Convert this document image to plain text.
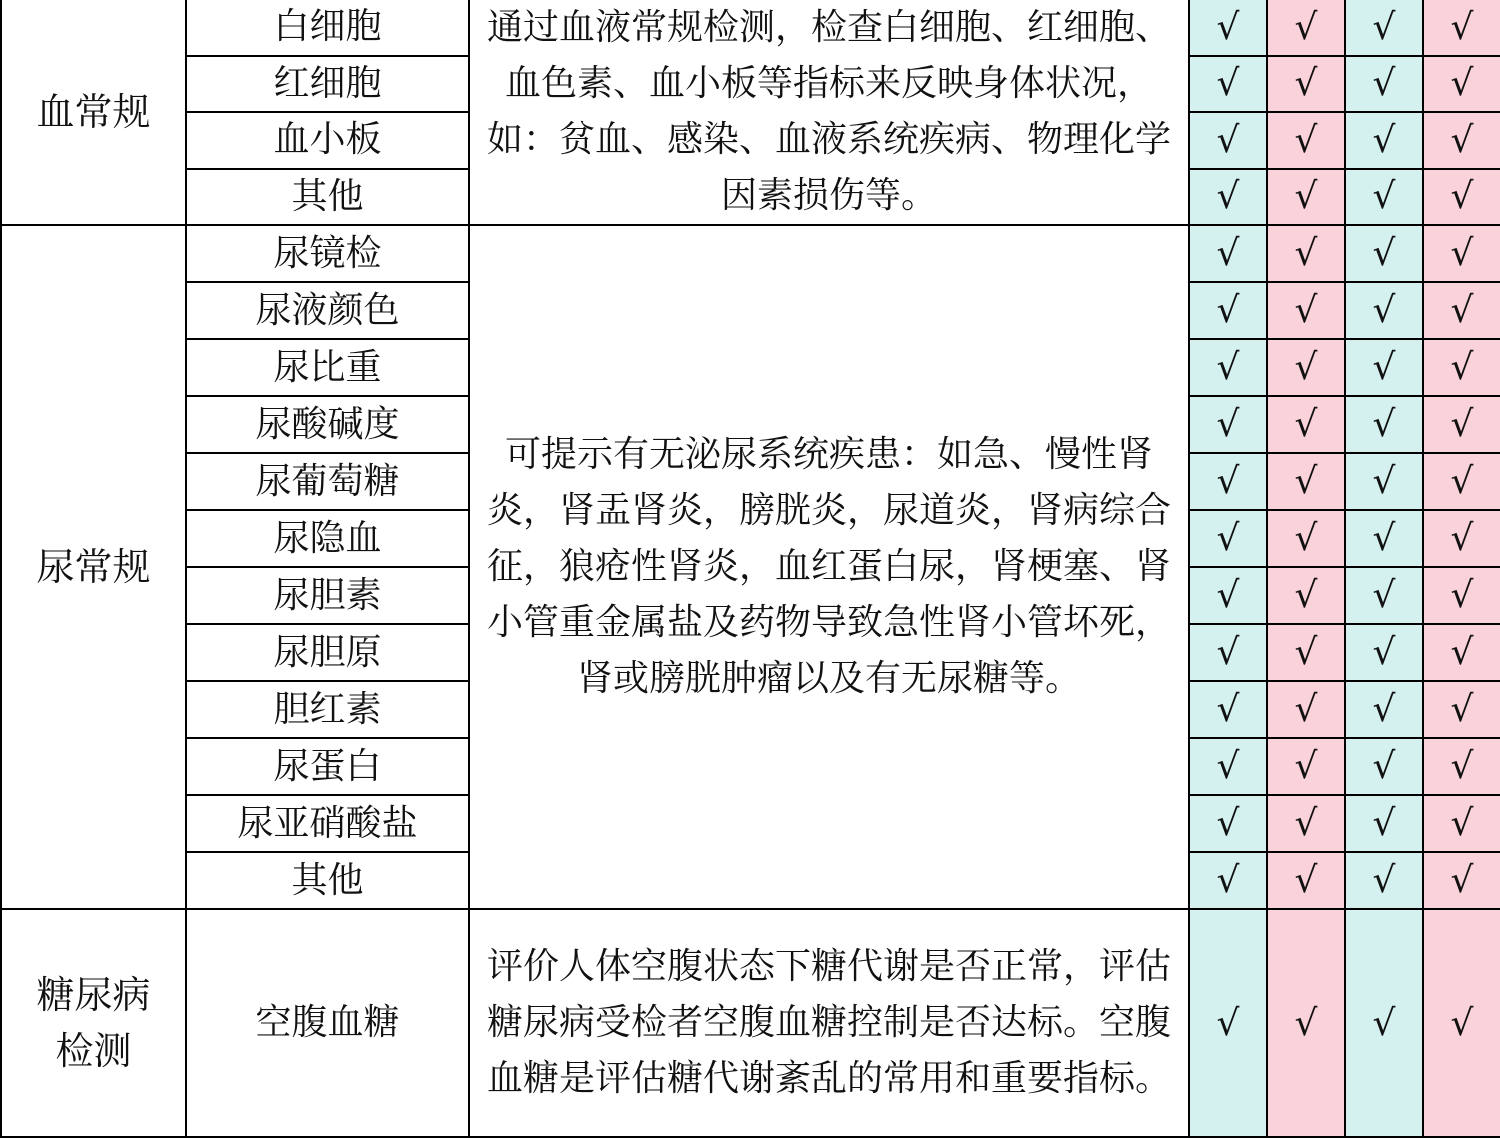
血常规	白细胞	通过血液常规检测，检查白细胞、红细胞、血色素、血小板等指标来反映身体状况，如：贫血、感染、血液系统疾病、物理化学因素损伤等。	√	√	√	√
	红细胞		√	√	√	√
	血小板		√	√	√	√
	其他		√	√	√	√
尿常规	尿镜检	可提示有无泌尿系统疾患：如急、慢性肾炎，肾盂肾炎，膀胱炎，尿道炎，肾病综合征，狼疮性肾炎，血红蛋白尿，肾梗塞、肾小管重金属盐及药物导致急性肾小管坏死，肾或膀胱肿瘤以及有无尿糖等。	√	√	√	√
	尿液颜色		√	√	√	√
	尿比重		√	√	√	√
	尿酸碱度		√	√	√	√
	尿葡萄糖		√	√	√	√
	尿隐血		√	√	√	√
	尿胆素		√	√	√	√
	尿胆原		√	√	√	√
	胆红素		√	√	√	√
	尿蛋白		√	√	√	√
	尿亚硝酸盐		√	√	√	√
	其他		√	√	√	√
糖尿病检测	空腹血糖	评价人体空腹状态下糖代谢是否正常，评估糖尿病受检者空腹血糖控制是否达标。空腹血糖是评估糖代谢紊乱的常用和重要指标。	√	√	√	√
